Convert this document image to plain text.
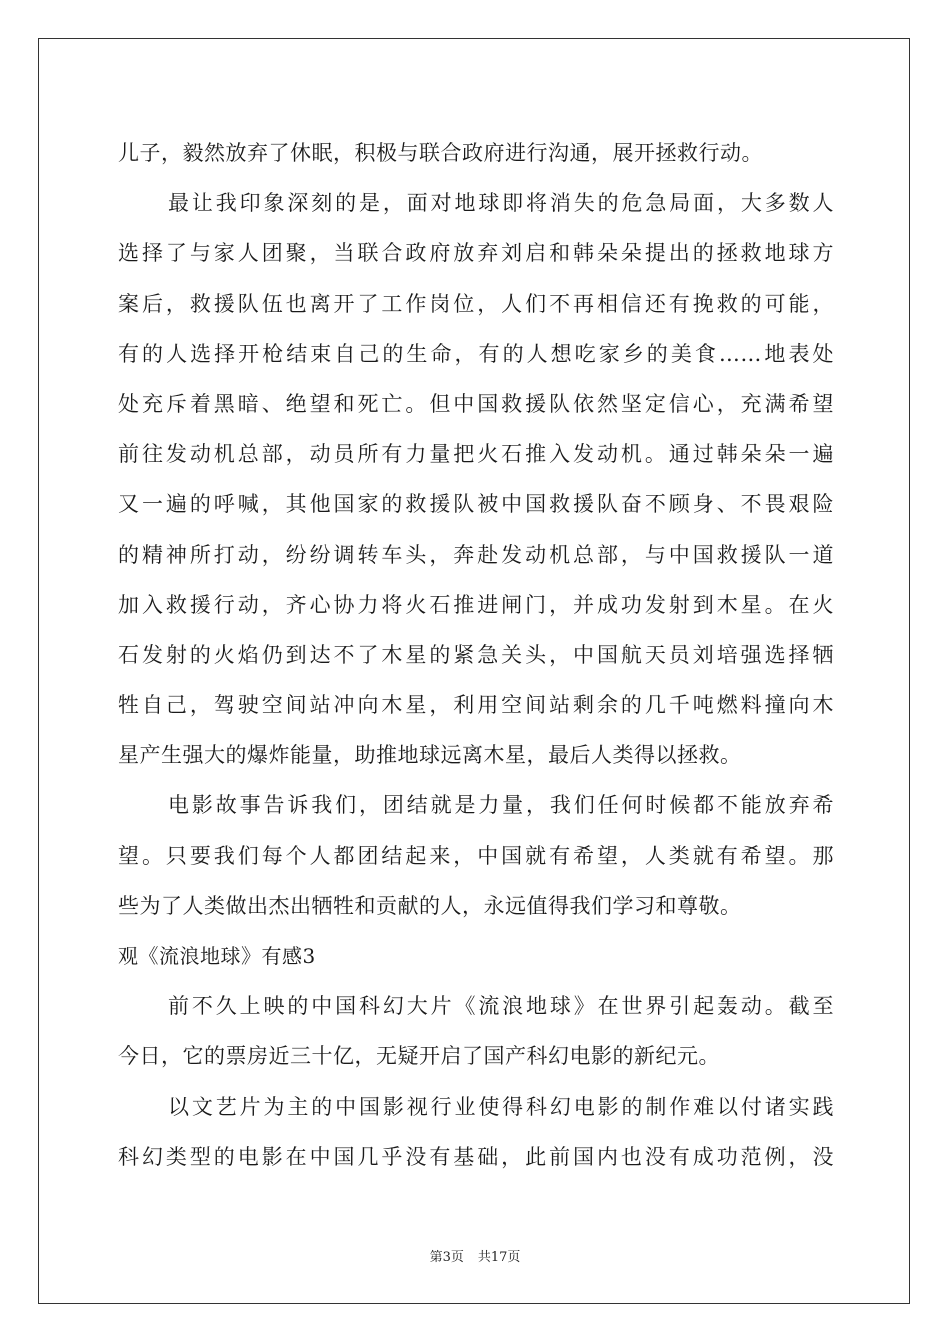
儿子，毅然放弃了休眠，积极与联合政府进行沟通，展开拯救行动。
最让我印象深刻的是，面对地球即将消失的危急局面，大多数人
选择了与家人团聚，当联合政府放弃刘启和韩朵朵提出的拯救地球方
案后，救援队伍也离开了工作岗位，人们不再相信还有挽救的可能，
有的人选择开枪结束自己的生命，有的人想吃家乡的美食……地表处
处充斥着黑暗、绝望和死亡。但中国救援队依然坚定信心，充满希望
前往发动机总部，动员所有力量把火石推入发动机。通过韩朵朵一遍
又一遍的呼喊，其他国家的救援队被中国救援队奋不顾身、不畏艰险
的精神所打动，纷纷调转车头，奔赴发动机总部，与中国救援队一道
加入救援行动，齐心协力将火石推进闸门，并成功发射到木星。在火
石发射的火焰仍到达不了木星的紧急关头，中国航天员刘培强选择牺
牲自己，驾驶空间站冲向木星，利用空间站剩余的几千吨燃料撞向木
星产生强大的爆炸能量，助推地球远离木星，最后人类得以拯救。
电影故事告诉我们，团结就是力量，我们任何时候都不能放弃希
望。只要我们每个人都团结起来，中国就有希望，人类就有希望。那
些为了人类做出杰出牺牲和贡献的人，永远值得我们学习和尊敬。
观《流浪地球》有感3
前不久上映的中国科幻大片《流浪地球》在世界引起轰动。截至
今日，它的票房近三十亿，无疑开启了国产科幻电影的新纪元。
以文艺片为主的中国影视行业使得科幻电影的制作难以付诸实践
科幻类型的电影在中国几乎没有基础，此前国内也没有成功范例，没
第3页 共17页
